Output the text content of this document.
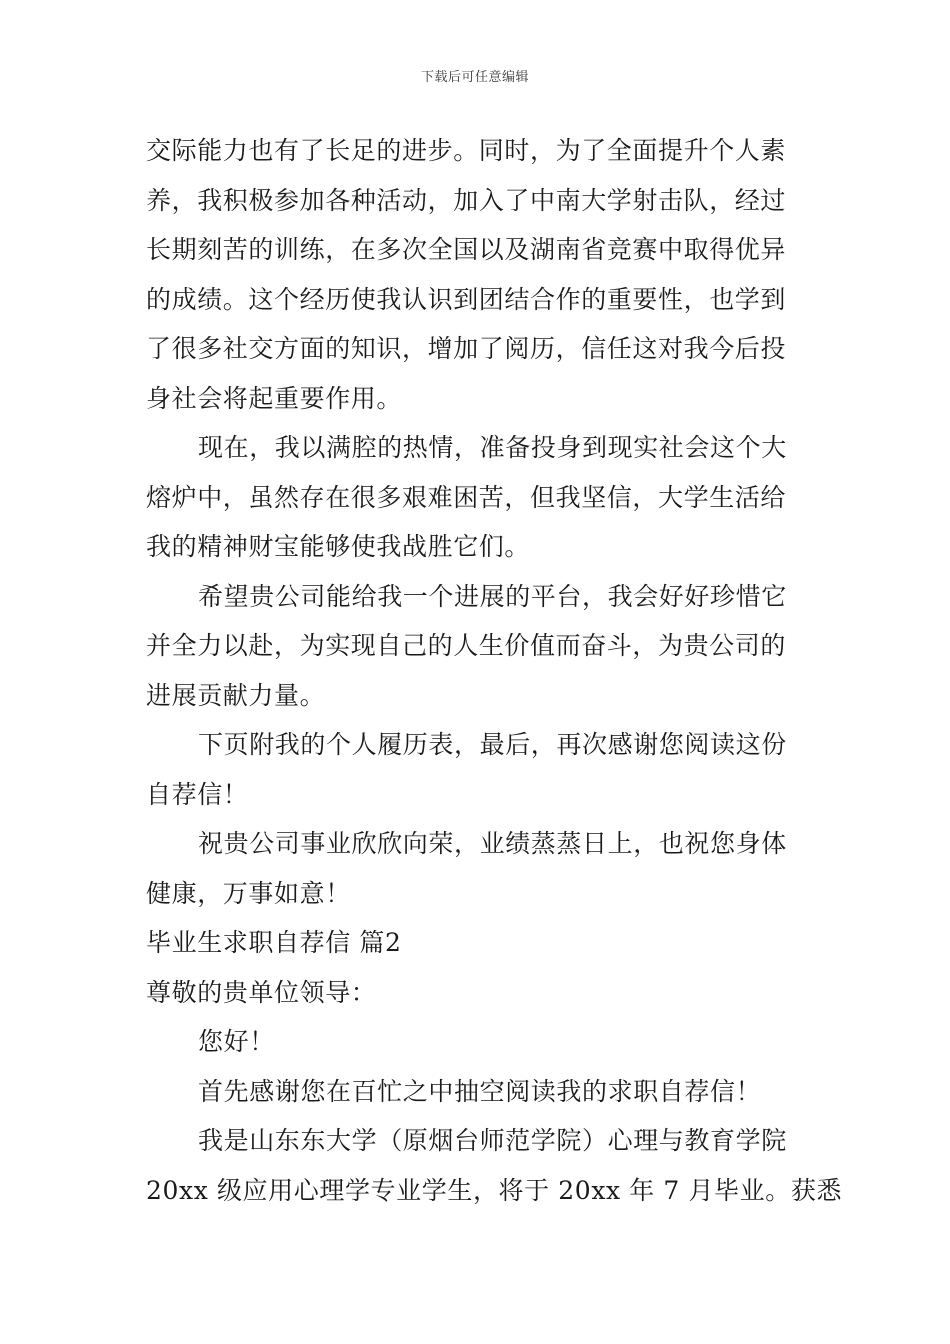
下载后可任意编辑
交际能力也有了长足的进步。同时，为了全面提升个人素
养，我积极参加各种活动，加入了中南大学射击队，经过
长期刻苦的训练，在多次全国以及湖南省竞赛中取得优异
的成绩。这个经历使我认识到团结合作的重要性，也学到
了很多社交方面的知识，增加了阅历，信任这对我今后投
身社会将起重要作用。
现在，我以满腔的热情，准备投身到现实社会这个大
熔炉中，虽然存在很多艰难困苦，但我坚信，大学生活给
我的精神财宝能够使我战胜它们。
希望贵公司能给我一个进展的平台，我会好好珍惜它
并全力以赴，为实现自己的人生价值而奋斗，为贵公司的
进展贡献力量。
下页附我的个人履历表，最后，再次感谢您阅读这份
自荐信！
祝贵公司事业欣欣向荣，业绩蒸蒸日上，也祝您身体
健康，万事如意！
毕业生求职自荐信 篇2
尊敬的贵单位领导：
您好！
首先感谢您在百忙之中抽空阅读我的求职自荐信！
我是山东东大学（原烟台师范学院）心理与教育学院
20xx 级应用心理学专业学生，将于 20xx 年 7 月毕业。获悉
